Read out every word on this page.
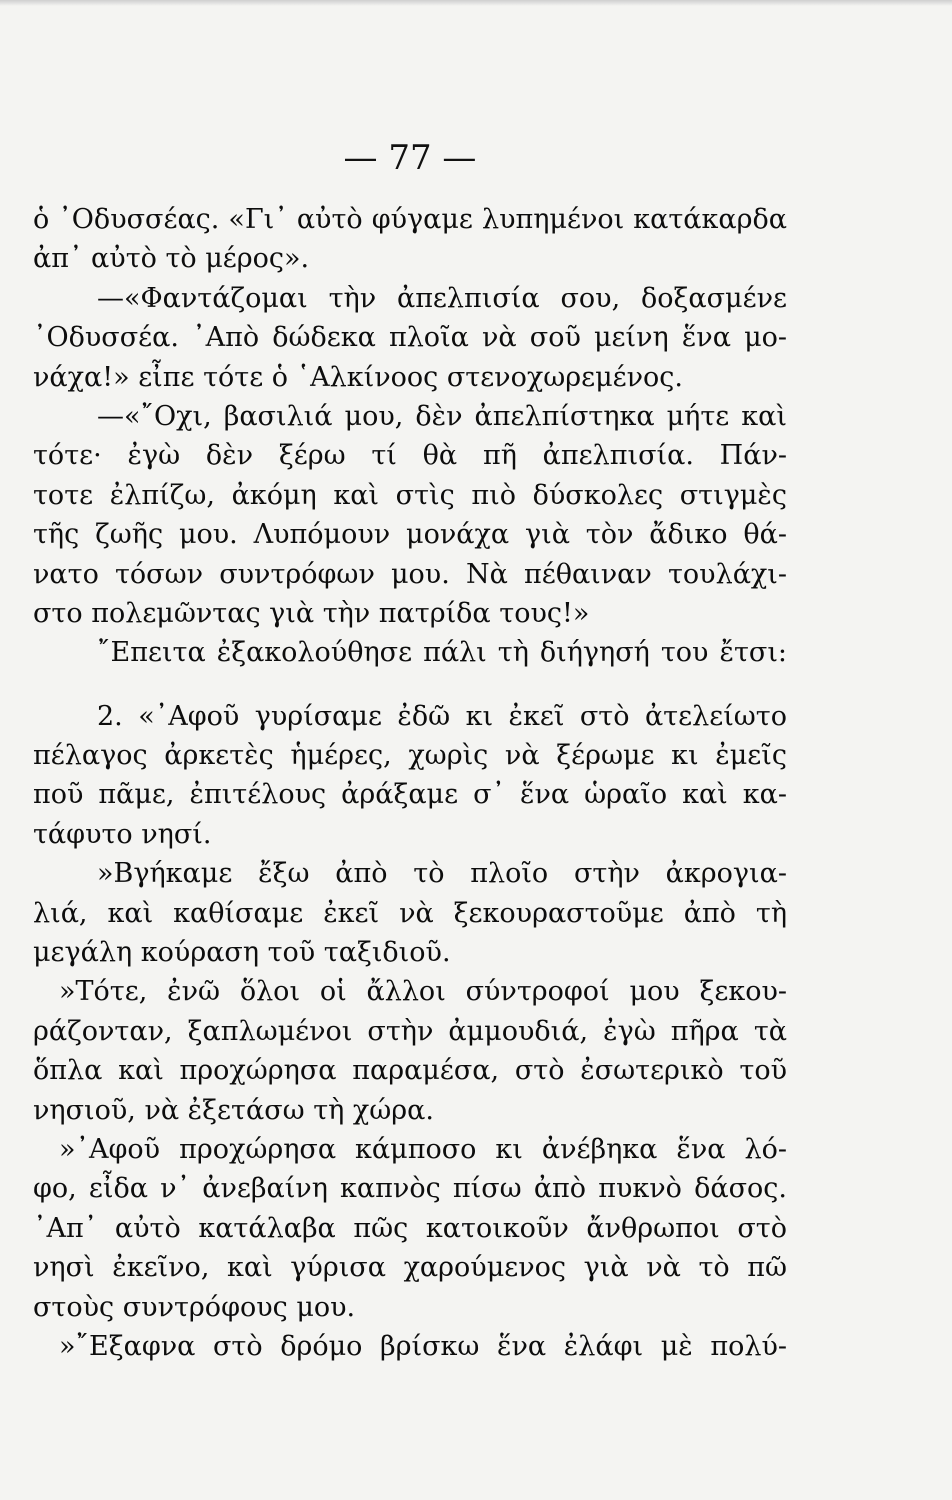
— 77 —
ὁ ᾿Οδυσσέας. «Γι᾿ αὐτὸ φύγαμε λυπημένοι κατάκαρδα
ἀπ᾿ αὐτὸ τὸ μέρος».
—«Φαντάζομαι τὴν ἀπελπισία σου, δοξασμένε
᾿Οδυσσέα. ᾿Απὸ δώδεκα πλοῖα νὰ σοῦ μείνη ἕνα μο-
νάχα!» εἶπε τότε ὁ ῾Αλκίνοος στενοχωρεμένος.
—«῎Οχι, βασιλιά μου, δὲν ἀπελπίστηκα μήτε καὶ
τότε· ἐγὼ δὲν ξέρω τί θὰ πῆ ἀπελπισία. Πάν-
τοτε ἐλπίζω, ἀκόμη καὶ στὶς πιὸ δύσκολες στιγμὲς
τῆς ζωῆς μου. Λυπόμουν μονάχα γιὰ τὸν ἄδικο θά-
νατο τόσων συντρόφων μου. Νὰ πέθαιναν τουλάχι-
στο πολεμῶντας γιὰ τὴν πατρίδα τους!»
῎Επειτα ἐξακολούθησε πάλι τὴ διήγησή του ἔτσι:
2. «᾿Αφοῦ γυρίσαμε ἐδῶ κι ἐκεῖ στὸ ἀτελείωτο
πέλαγος ἀρκετὲς ἡμέρες, χωρὶς νὰ ξέρωμε κι ἐμεῖς
ποῦ πᾶμε, ἐπιτέλους ἀράξαμε σ᾿ ἕνα ὡραῖο καὶ κα-
τάφυτο νησί.
»Βγήκαμε ἔξω ἀπὸ τὸ πλοῖο στὴν ἀκρογια-
λιά, καὶ καθίσαμε ἐκεῖ νὰ ξεκουραστοῦμε ἀπὸ τὴ
μεγάλη κούραση τοῦ ταξιδιοῦ.
»Τότε, ἐνῶ ὅλοι οἱ ἄλλοι σύντροφοί μου ξεκου-
ράζονταν, ξαπλωμένοι στὴν ἀμμουδιά, ἐγὼ πῆρα τὰ
ὅπλα καὶ προχώρησα παραμέσα, στὸ ἐσωτερικὸ τοῦ
νησιοῦ, νὰ ἐξετάσω τὴ χώρα.
»᾿Αφοῦ προχώρησα κάμποσο κι ἀνέβηκα ἕνα λό-
φο, εἶδα ν᾿ ἀνεβαίνη καπνὸς πίσω ἀπὸ πυκνὸ δάσος.
᾿Απ᾿ αὐτὸ κατάλαβα πῶς κατοικοῦν ἄνθρωποι στὸ
νησὶ ἐκεῖνο, καὶ γύρισα χαρούμενος γιὰ νὰ τὸ πῶ
στοὺς συντρόφους μου.
»῎Εξαφνα στὸ δρόμο βρίσκω ἕνα ἐλάφι μὲ πολύ-
